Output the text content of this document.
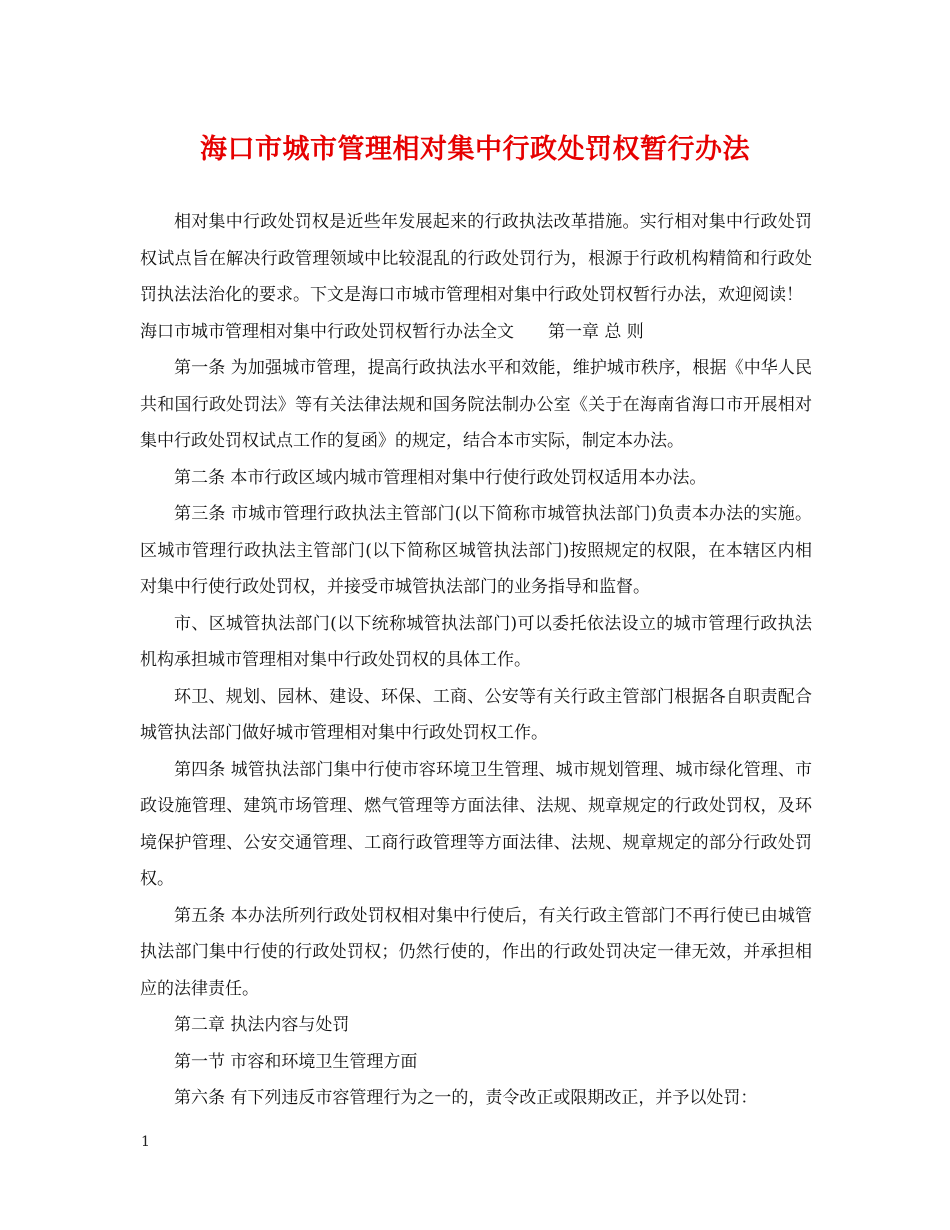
海口市城市管理相对集中行政处罚权暂行办法

相对集中行政处罚权是近些年发展起来的行政执法改革措施。实行相对集中行政处罚权试点旨在解决行政管理领域中比较混乱的行政处罚行为，根源于行政机构精简和行政处罚执法法治化的要求。下文是海口市城市管理相对集中行政处罚权暂行办法，欢迎阅读！

海口市城市管理相对集中行政处罚权暂行办法全文　　第一章 总 则

第一条 为加强城市管理，提高行政执法水平和效能，维护城市秩序，根据《中华人民共和国行政处罚法》等有关法律法规和国务院法制办公室《关于在海南省海口市开展相对集中行政处罚权试点工作的复函》的规定，结合本市实际，制定本办法。

第二条 本市行政区域内城市管理相对集中行使行政处罚权适用本办法。

第三条 市城市管理行政执法主管部门(以下简称市城管执法部门)负责本办法的实施。区城市管理行政执法主管部门(以下简称区城管执法部门)按照规定的权限，在本辖区内相对集中行使行政处罚权，并接受市城管执法部门的业务指导和监督。

市、区城管执法部门(以下统称城管执法部门)可以委托依法设立的城市管理行政执法机构承担城市管理相对集中行政处罚权的具体工作。

环卫、规划、园林、建设、环保、工商、公安等有关行政主管部门根据各自职责配合城管执法部门做好城市管理相对集中行政处罚权工作。

第四条 城管执法部门集中行使市容环境卫生管理、城市规划管理、城市绿化管理、市政设施管理、建筑市场管理、燃气管理等方面法律、法规、规章规定的行政处罚权，及环境保护管理、公安交通管理、工商行政管理等方面法律、法规、规章规定的部分行政处罚权。

第五条 本办法所列行政处罚权相对集中行使后，有关行政主管部门不再行使已由城管执法部门集中行使的行政处罚权；仍然行使的，作出的行政处罚决定一律无效，并承担相应的法律责任。

第二章 执法内容与处罚

第一节 市容和环境卫生管理方面

第六条 有下列违反市容管理行为之一的，责令改正或限期改正，并予以处罚：

1
